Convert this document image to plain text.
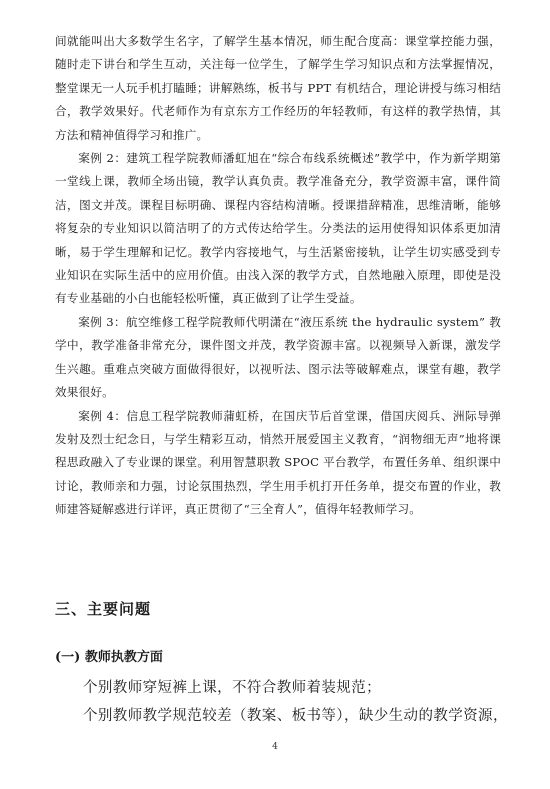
间就能叫出大多数学生名字，了解学生基本情况，师生配合度高：课堂掌控能力强，随时走下讲台和学生互动，关注每一位学生，了解学生学习知识点和方法掌握情况，整堂课无一人玩手机打瞌睡；讲解熟练，板书与 PPT 有机结合，理论讲授与练习相结合，教学效果好。代老师作为有京东方工作经历的年轻教师，有这样的教学热情，其方法和精神值得学习和推广。

案例 2：建筑工程学院教师潘虹旭在“综合布线系统概述”教学中，作为新学期第一堂线上课，教师全场出镜，教学认真负责。教学准备充分，教学资源丰富，课件简洁，图文并茂。课程目标明确、课程内容结构清晰。授课措辞精准，思维清晰，能够将复杂的专业知识以简洁明了的方式传达给学生。分类法的运用使得知识体系更加清晰，易于学生理解和记忆。教学内容接地气，与生活紧密接轨，让学生切实感受到专业知识在实际生活中的应用价值。由浅入深的教学方式，自然地融入原理，即使是没有专业基础的小白也能轻松听懂，真正做到了让学生受益。

案例 3：航空维修工程学院教师代明潇在“液压系统 the hydraulic system” 教学中，教学准备非常充分，课件图文并茂，教学资源丰富。以视频导入新课，激发学生兴趣。重难点突破方面做得很好，以视听法、图示法等破解难点，课堂有趣，教学效果很好。

案例 4：信息工程学院教师蒲虹桥，在国庆节后首堂课，借国庆阅兵、洲际导弹发射及烈士纪念日，与学生精彩互动，悄然开展爱国主义教育，“润物细无声”地将课程思政融入了专业课的课堂。利用智慧职教 SPOC 平台教学，布置任务单、组织课中讨论，教师亲和力强，讨论氛围热烈，学生用手机打开任务单，提交布置的作业，教师建答疑解惑进行详评，真正贯彻了“三全育人”，值得年轻教师学习。

三、主要问题
(一) 教师执教方面

个别教师穿短裤上课，不符合教师着装规范；

个别教师教学规范较差（教案、板书等），缺少生动的教学资源，

4
